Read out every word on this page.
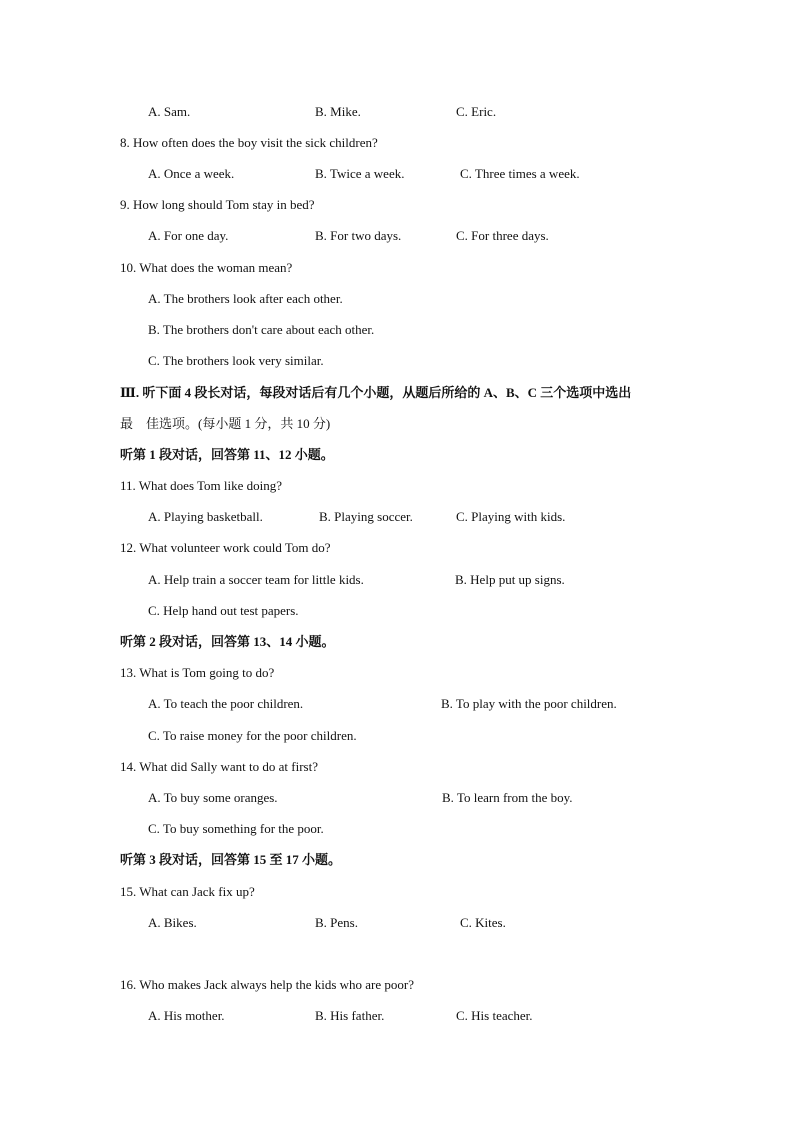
A. Sam.	B. Mike.	C. Eric.
8. How often does the boy visit the sick children?
A. Once a week.	B. Twice a week.	C. Three times a week.
9. How long should Tom stay in bed?
A. For one day.	B. For two days.	C. For three days.
10. What does the woman mean?
A. The brothers look after each other.
B. The brothers don't care about each other.
C. The brothers look very similar.
Ⅲ. 听下面 4 段长对话，每段对话后有几个小题，从题后所给的 A、B、C 三个选项中选出
最　佳选项。(每小题 1 分，共 10 分)
听第 1 段对话，回答第 11、12 小题。
11. What does Tom like doing?
A. Playing basketball.	B. Playing soccer.	C. Playing with kids.
12. What volunteer work could Tom do?
A. Help train a soccer team for little kids.	B. Help put up signs.
C. Help hand out test papers.
听第 2 段对话，回答第 13、14 小题。
13. What is Tom going to do?
A. To teach the poor children.	B. To play with the poor children.
C. To raise money for the poor children.
14. What did Sally want to do at first?
A. To buy some oranges.	B. To learn from the boy.
C. To buy something for the poor.
听第 3 段对话，回答第 15 至 17 小题。
15. What can Jack fix up?
A. Bikes.	B. Pens.	C. Kites.
16. Who makes Jack always help the kids who are poor?
A. His mother.	B. His father.	C. His teacher.
